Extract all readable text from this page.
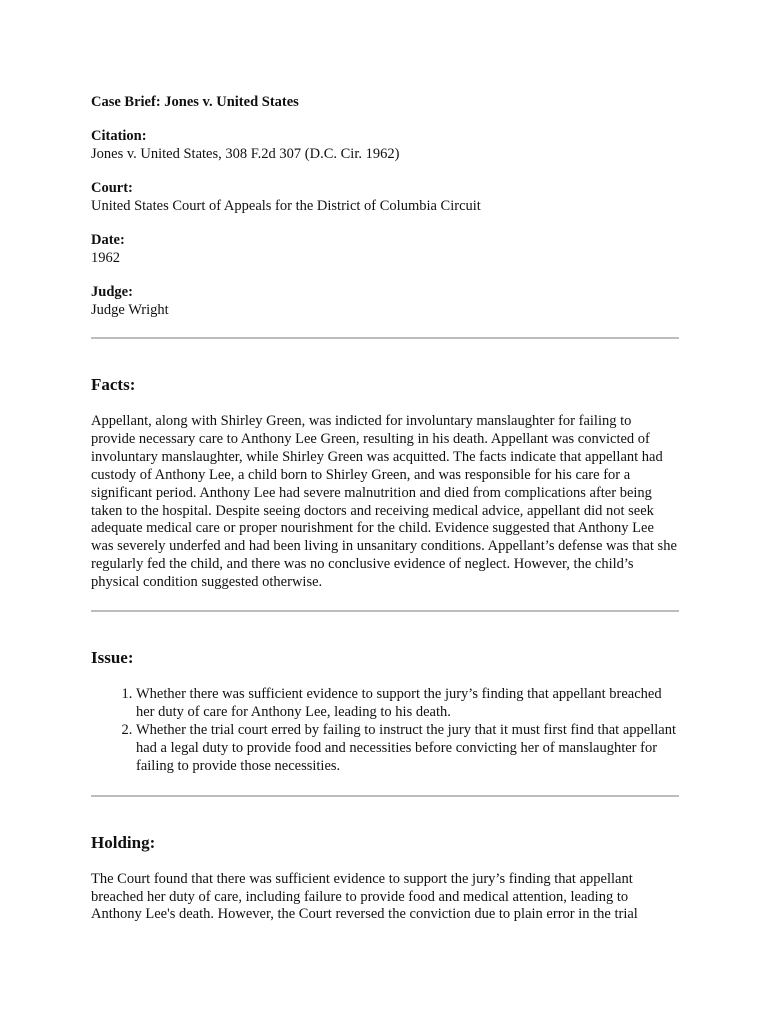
Case Brief: Jones v. United States
Citation:
Jones v. United States, 308 F.2d 307 (D.C. Cir. 1962)
Court:
United States Court of Appeals for the District of Columbia Circuit
Date:
1962
Judge:
Judge Wright
Facts:

Appellant, along with Shirley Green, was indicted for involuntary manslaughter for failing to provide necessary care to Anthony Lee Green, resulting in his death. Appellant was convicted of involuntary manslaughter, while Shirley Green was acquitted. The facts indicate that appellant had custody of Anthony Lee, a child born to Shirley Green, and was responsible for his care for a significant period. Anthony Lee had severe malnutrition and died from complications after being taken to the hospital. Despite seeing doctors and receiving medical advice, appellant did not seek adequate medical care or proper nourishment for the child. Evidence suggested that Anthony Lee was severely underfed and had been living in unsanitary conditions. Appellant’s defense was that she regularly fed the child, and there was no conclusive evidence of neglect. However, the child’s physical condition suggested otherwise.

Issue:
1. Whether there was sufficient evidence to support the jury’s finding that appellant breached her duty of care for Anthony Lee, leading to his death.
2. Whether the trial court erred by failing to instruct the jury that it must first find that appellant had a legal duty to provide food and necessities before convicting her of manslaughter for failing to provide those necessities.
Holding:

The Court found that there was sufficient evidence to support the jury’s finding that appellant breached her duty of care, including failure to provide food and medical attention, leading to Anthony Lee's death. However, the Court reversed the conviction due to plain error in the trial
